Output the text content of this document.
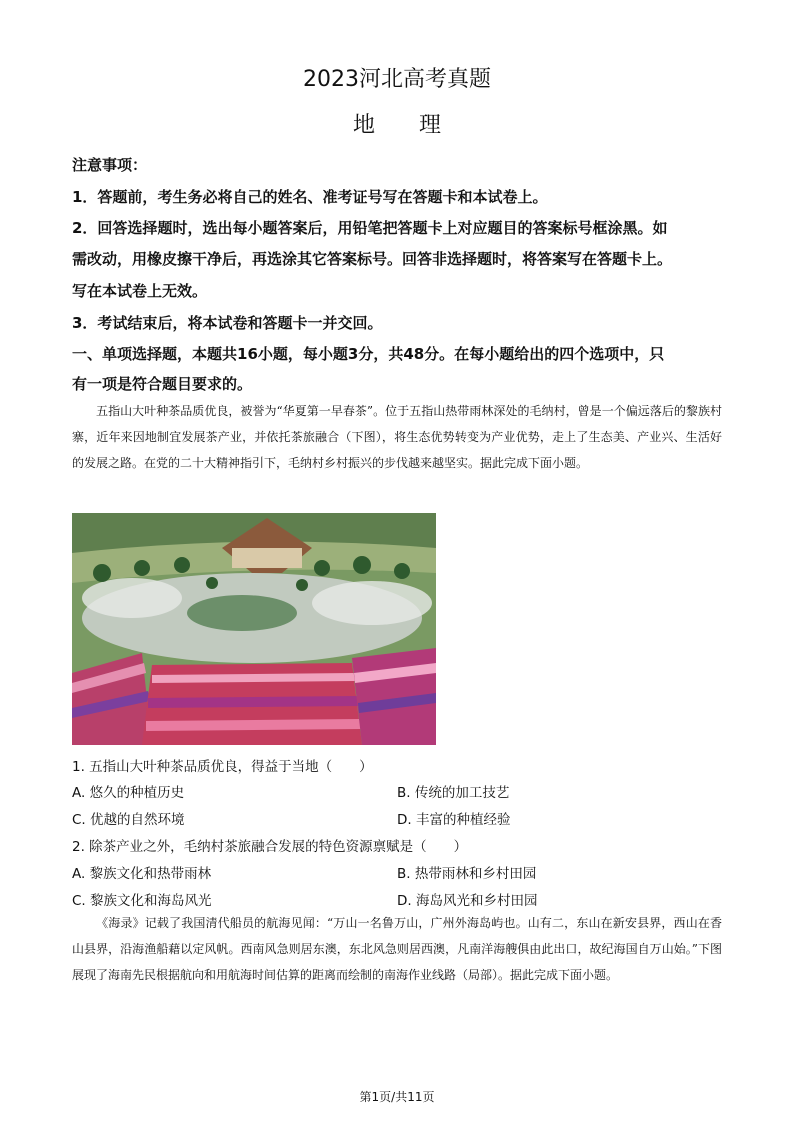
2023河北高考真题
地 理
注意事项：
1．答题前，考生务必将自己的姓名、准考证号写在答题卡和本试卷上。
2．回答选择题时，选出每小题答案后，用铅笔把答题卡上对应题目的答案标号框涂黑。如
需改动，用橡皮擦干净后，再选涂其它答案标号。回答非选择题时，将答案写在答题卡上。
写在本试卷上无效。
3．考试结束后，将本试卷和答题卡一并交回。
一、单项选择题，本题共16小题，每小题3分，共48分。在每小题给出的四个选项中，只
有一项是符合题目要求的。
五指山大叶种茶品质优良，被誉为“华夏第一早春茶”。位于五指山热带雨林深处的毛纳村，曾是一个偏远落后的黎族村寨，近年来因地制宜发展茶产业，并依托茶旅融合（下图），将生态优势转变为产业优势，走上了生态美、产业兴、生活好的发展之路。在党的二十大精神指引下，毛纳村乡村振兴的步伐越来越坚实。据此完成下面小题。
1. 五指山大叶种茶品质优良，得益于当地（　　）
A. 悠久的种植历史	B. 传统的加工技艺
C. 优越的自然环境	D. 丰富的种植经验
2. 除茶产业之外，毛纳村茶旅融合发展的特色资源禀赋是（　　）
A. 黎族文化和热带雨林	B. 热带雨林和乡村田园
C. 黎族文化和海岛风光	D. 海岛风光和乡村田园
《海录》记载了我国清代船员的航海见闻：“万山一名鲁万山，广州外海岛屿也。山有二，东山在新安县界，西山在香山县界，沿海渔船藉以定风帆。西南风急则居东澳，东北风急则居西澳，凡南洋海艘俱由此出口，故纪海国自万山始。”下图展现了海南先民根据航向和用航海时间估算的距离而绘制的南海作业线路（局部）。据此完成下面小题。
第1页/共11页
